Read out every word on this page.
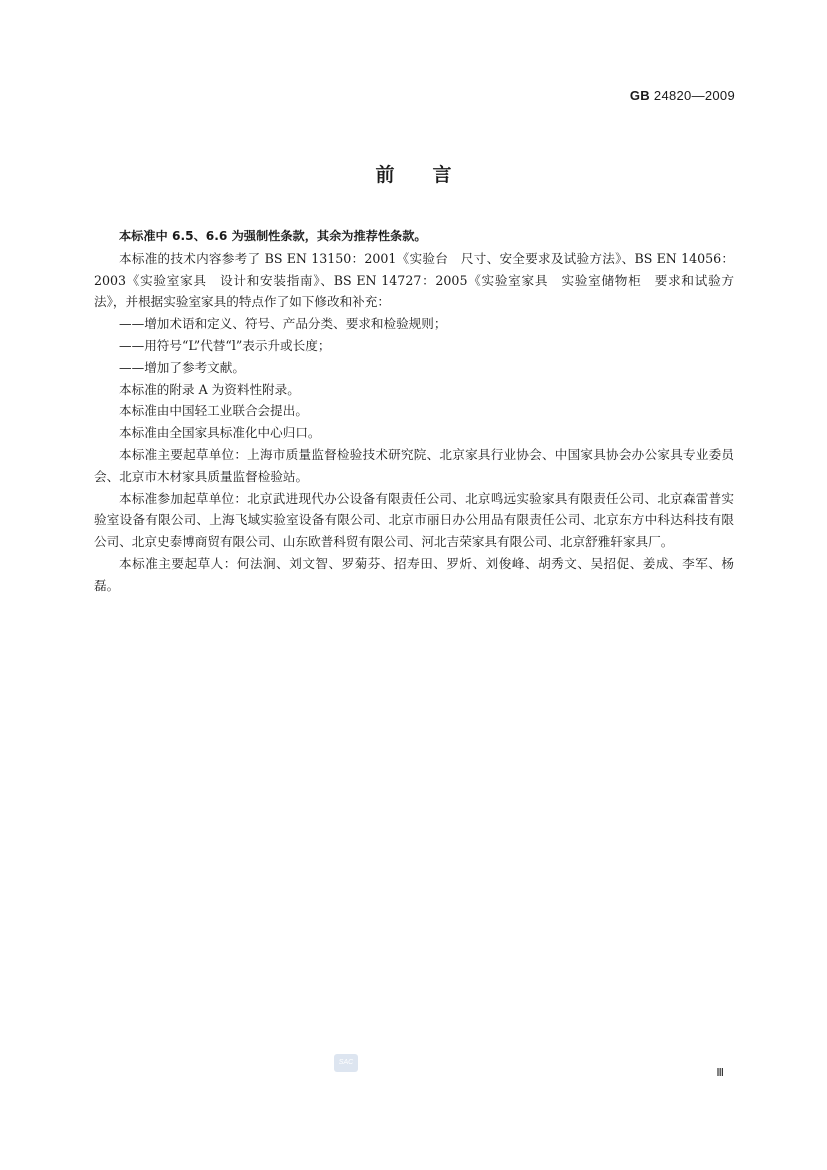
GB 24820—2009
前　　言

本标准中 6.5、6.6 为强制性条款，其余为推荐性条款。

本标准的技术内容参考了 BS EN 13150：2001《实验台　尺寸、安全要求及试验方法》、BS EN 14056：2003《实验室家具　设计和安装指南》、BS EN 14727：2005《实验室家具　实验室储物柜　要求和试验方法》，并根据实验室家具的特点作了如下修改和补充：

——增加术语和定义、符号、产品分类、要求和检验规则；

——用符号“L”代替“l”表示升或长度；

——增加了参考文献。

本标准的附录 A 为资料性附录。

本标准由中国轻工业联合会提出。

本标准由全国家具标准化中心归口。

本标准主要起草单位：上海市质量监督检验技术研究院、北京家具行业协会、中国家具协会办公家具专业委员会、北京市木材家具质量监督检验站。

本标准参加起草单位：北京武进现代办公设备有限责任公司、北京鸣远实验家具有限责任公司、北京森雷普实验室设备有限公司、上海飞域实验室设备有限公司、北京市丽日办公用品有限责任公司、北京东方中科达科技有限公司、北京史泰博商贸有限公司、山东欧普科贸有限公司、河北吉荣家具有限公司、北京舒雅轩家具厂。

本标准主要起草人：何法涧、刘文智、罗菊芬、招寿田、罗炘、刘俊峰、胡秀文、吴招促、姜成、李军、杨磊。

SAC
Ⅲ
